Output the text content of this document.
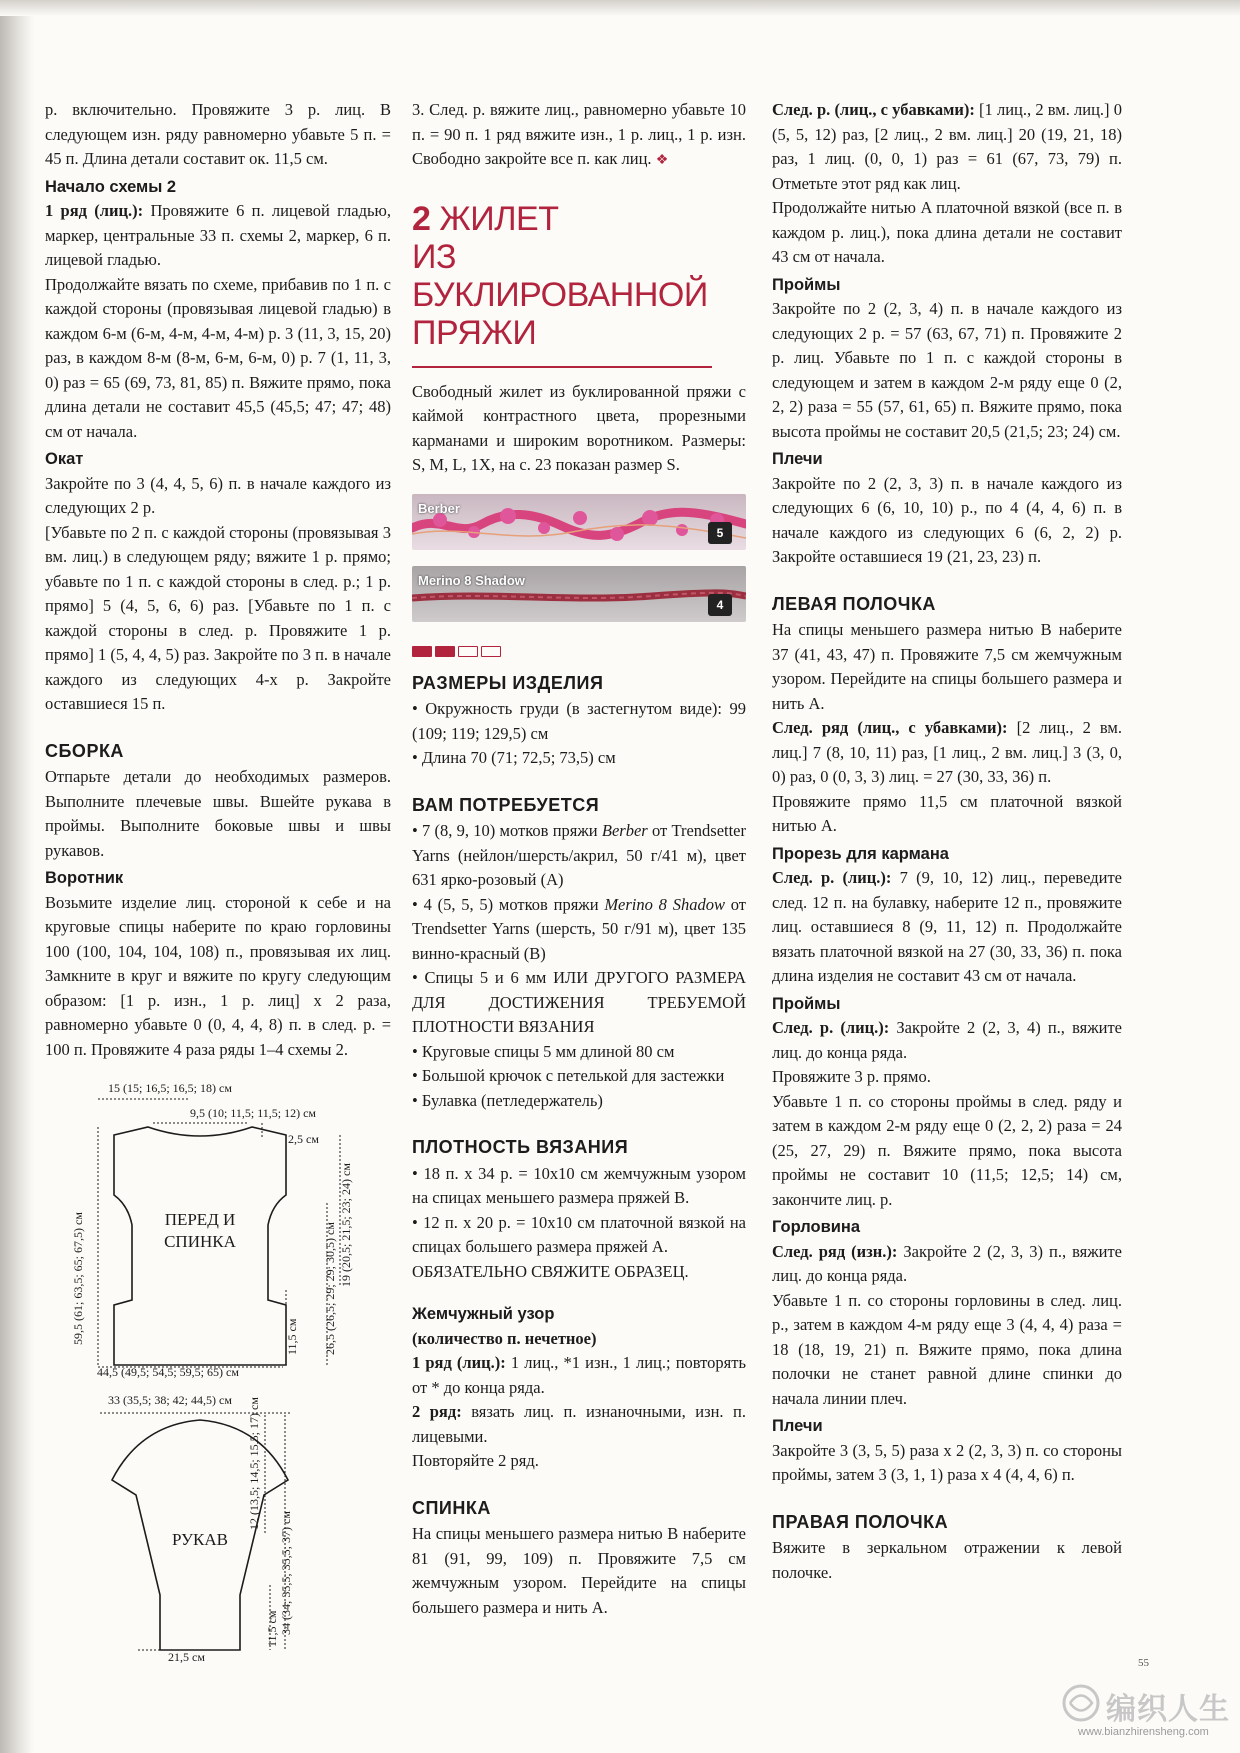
р. включительно. Провяжите 3 р. лиц. В следующем изн. ряду равномерно убавьте 5 п. = 45 п. Длина детали составит ок. 11,5 см.

Начало схемы 2

1 ряд (лиц.): Провяжите 6 п. лицевой гладью, маркер, центральные 33 п. схемы 2, маркер, 6 п. лицевой гладью.

Продолжайте вязать по схеме, прибавив по 1 п. с каждой стороны (провязывая лицевой гладью) в каждом 6-м (6-м, 4-м, 4-м, 4-м) р. 3 (11, 3, 15, 20) раз, в каждом 8-м (8-м, 6-м, 6-м, 0) р. 7 (1, 11, 3, 0) раз = 65 (69, 73, 81, 85) п. Вяжите прямо, пока длина детали не составит 45,5 (45,5; 47; 47; 48) см от начала.

Окат

Закройте по 3 (4, 4, 5, 6) п. в начале каждого из следующих 2 р.

[Убавьте по 2 п. с каждой стороны (провязывая 3 вм. лиц.) в следующем ряду; вяжите 1 р. прямо; убавьте по 1 п. с каждой стороны в след. р.; 1 р. прямо] 5 (4, 5, 6, 6) раз. [Убавьте по 1 п. с каждой стороны в след. р. Провяжите 1 р. прямо] 1 (5, 4, 4, 5) раз. Закройте по 3 п. в начале каждого из следующих 4-х р. Закройте оставшиеся 15 п.

СБОРКА

Отпарьте детали до необходимых размеров. Выполните плечевые швы. Вшейте рукава в проймы. Выполните боковые швы и швы рукавов.

Воротник

Возьмите изделие лиц. стороной к себе и на круговые спицы наберите по краю горловины 100 (100, 104, 104, 108) п., провязывая их лиц. Замкните в круг и вяжите по кругу следующим образом: [1 р. изн., 1 р. лиц] х 2 раза, равномерно убавьте 0 (0, 4, 4, 8) п. в след. р. = 100 п. Провяжите 4 раза ряды 1–4 схемы 2.

15 (15; 16,5; 16,5; 18) см
9,5 (10; 11,5; 11,5; 12) см
2,5 см
44,5 (49,5; 54,5; 59,5; 65) см
33 (35,5; 38; 42; 44,5) см
21,5 см
59,5 (61; 63,5; 65; 67,5) см	19 (20,5; 21,5; 23; 24) см
26,5 (26,5; 29; 29; 30,5) см
11,5 см
12 (13,5; 14,5; 15,5; 17) см
34 (34; 35,5; 35,5; 37) см
11,5 см
ПЕРЕД И
СПИНКА
РУКАВ

3. След. р. вяжите лиц., равномерно убавьте 10 п. = 90 п. 1 ряд вяжите изн., 1 р. лиц., 1 р. изн. Свободно закройте все п. как лиц. ❖

2 ЖИЛЕТ
ИЗ БУКЛИРОВАННОЙ
ПРЯЖИ

Свободный жилет из буклированной пряжи с каймой контрастного цвета, прорезными карманами и широким воротником. Размеры: S, M, L, 1X, на с. 23 показан размер S.

Berber
5
Merino 8 Shadow
4

РАЗМЕРЫ ИЗДЕЛИЯ

• Окружность груди (в застегнутом виде): 99 (109; 119; 129,5) см

• Длина 70 (71; 72,5; 73,5) см

ВАМ ПОТРЕБУЕТСЯ

• 7 (8, 9, 10) мотков пряжи Berber от Trendsetter Yarns (нейлон/шерсть/акрил, 50 г/41 м), цвет 631 ярко-розовый (A)

• 4 (5, 5, 5) мотков пряжи Merino 8 Shadow от Trendsetter Yarns (шерсть, 50 г/91 м), цвет 135 винно-красный (B)

• Спицы 5 и 6 мм ИЛИ ДРУГОГО РАЗМЕРА ДЛЯ ДОСТИЖЕНИЯ ТРЕБУЕМОЙ ПЛОТНОСТИ ВЯЗАНИЯ

• Круговые спицы 5 мм длиной 80 см

• Большой крючок с петелькой для застежки

• Булавка (петледержатель)

ПЛОТНОСТЬ ВЯЗАНИЯ

• 18 п. х 34 р. = 10х10 см жемчужным узором на спицах меньшего размера пряжей B.

• 12 п. х 20 р. = 10х10 см платочной вязкой на спицах большего размера пряжей A.

ОБЯЗАТЕЛЬНО СВЯЖИТЕ ОБРАЗЕЦ.

Жемчужный узор

(количество п. нечетное)

1 ряд (лиц.): 1 лиц., *1 изн., 1 лиц.; повторять от * до конца ряда.

2 ряд: вязать лиц. п. изнаночными, изн. п. лицевыми.

Повторяйте 2 ряд.

СПИНКА

На спицы меньшего размера нитью B наберите 81 (91, 99, 109) п. Провяжите 7,5 см жемчужным узором. Перейдите на спицы большего размера и нить A.

След. р. (лиц., с убавками): [1 лиц., 2 вм. лиц.] 0 (5, 5, 12) раз, [2 лиц., 2 вм. лиц.] 20 (19, 21, 18) раз, 1 лиц. (0, 0, 1) раз = 61 (67, 73, 79) п. Отметьте этот ряд как лиц.

Продолжайте нитью A платочной вязкой (все п. в каждом р. лиц.), пока длина детали не составит 43 см от начала.

Проймы

Закройте по 2 (2, 3, 4) п. в начале каждого из следующих 2 р. = 57 (63, 67, 71) п. Провяжите 2 р. лиц. Убавьте по 1 п. с каждой стороны в следующем и затем в каждом 2-м ряду еще 0 (2, 2, 2) раза = 55 (57, 61, 65) п. Вяжите прямо, пока высота проймы не составит 20,5 (21,5; 23; 24) см.

Плечи

Закройте по 2 (2, 3, 3) п. в начале каждого из следующих 6 (6, 10, 10) р., по 4 (4, 4, 6) п. в начале каждого из следующих 6 (6, 2, 2) р. Закройте оставшиеся 19 (21, 23, 23) п.

ЛЕВАЯ ПОЛОЧКА

На спицы меньшего размера нитью B наберите 37 (41, 43, 47) п. Провяжите 7,5 см жемчужным узором. Перейдите на спицы большего размера и нить A.

След. ряд (лиц., с убавками): [2 лиц., 2 вм. лиц.] 7 (8, 10, 11) раз, [1 лиц., 2 вм. лиц.] 3 (3, 0, 0) раз, 0 (0, 3, 3) лиц. = 27 (30, 33, 36) п.

Провяжите прямо 11,5 см платочной вязкой нитью A.

Прорезь для кармана

След. р. (лиц.): 7 (9, 10, 12) лиц., переведите след. 12 п. на булавку, наберите 12 п., провяжите лиц. оставшиеся 8 (9, 11, 12) п. Продолжайте вязать платочной вязкой на 27 (30, 33, 36) п. пока длина изделия не составит 43 см от начала.

Проймы

След. р. (лиц.): Закройте 2 (2, 3, 4) п., вяжите лиц. до конца ряда.

Провяжите 3 р. прямо.

Убавьте 1 п. со стороны проймы в след. ряду и затем в каждом 2-м ряду еще 0 (2, 2, 2) раза = 24 (25, 27, 29) п. Вяжите прямо, пока высота проймы не составит 10 (11,5; 12,5; 14) см, закончите лиц. р.

Горловина

След. ряд (изн.): Закройте 2 (2, 3, 3) п., вяжите лиц. до конца ряда.

Убавьте 1 п. со стороны горловины в след. лиц. р., затем в каждом 4-м ряду еще 3 (4, 4, 4) раза = 18 (18, 19, 21) п. Вяжите прямо, пока длина полочки не станет равной длине спинки до начала линии плеч.

Плечи

Закройте 3 (3, 5, 5) раза х 2 (2, 3, 3) п. со стороны проймы, затем 3 (3, 1, 1) раза х 4 (4, 4, 6) п.

ПРАВАЯ ПОЛОЧКА

Вяжите в зеркальном отражении к левой полочке.

55
编织人生
www.bianzhirensheng.com
